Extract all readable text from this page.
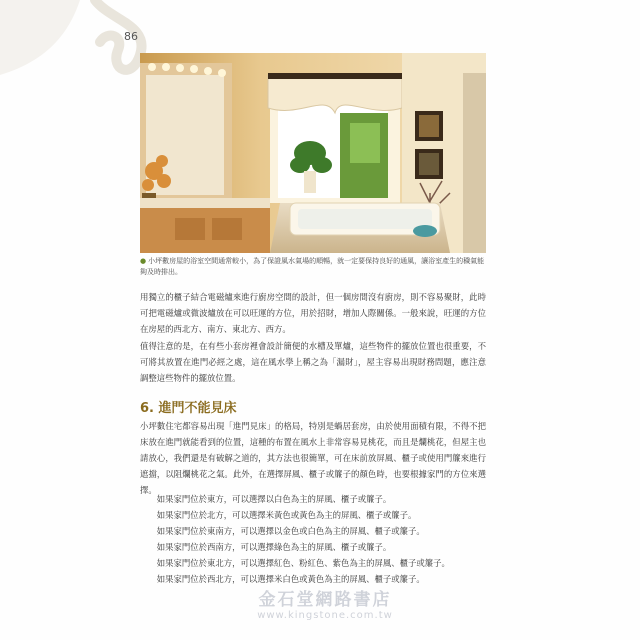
86
● 小坪數房屋的浴室空間通常較小，為了保證風水氣場的順暢，就一定要保持良好的通風，讓浴室產生的穢氣能夠及時排出。
用獨立的櫃子結合電磁爐來進行廚房空間的設計，但一個房間沒有廚房，則不容易聚財，此時可把電磁爐或微波爐放在可以旺運的方位，用於招財，增加人際關係。一般來說，旺運的方位在房屋的西北方、南方、東北方、西方。
值得注意的是，在有些小套房裡會設計簡便的水槽及單爐，這些物件的擺放位置也很重要，不可將其放置在進門必經之處，這在風水學上稱之為「漏財」，屋主容易出現財務問題，應注意調整這些物件的擺放位置。
6. 進門不能見床
小坪數住宅都容易出現「進門見床」的格局，特別是蝸居套房，由於使用面積有限，不得不把床放在進門就能看到的位置，這種的布置在風水上非常容易見桃花，而且是爛桃花，但屋主也請放心，我們還是有破解之道的，其方法也很簡單，可在床前放屏風、櫃子或使用門簾來進行遮擋，以阻爛桃花之氣。此外，在選擇屏風、櫃子或簾子的顏色時，也要根據家門的方位來選擇。
如果家門位於東方，可以選擇以白色為主的屏風、櫃子或簾子。
如果家門位於北方，可以選擇米黃色或黃色為主的屏風、櫃子或簾子。
如果家門位於東南方，可以選擇以金色或白色為主的屏風、櫃子或簾子。
如果家門位於西南方，可以選擇綠色為主的屏風、櫃子或簾子。
如果家門位於東北方，可以選擇紅色、粉紅色、紫色為主的屏風、櫃子或簾子。
如果家門位於西北方，可以選擇米白色或黃色為主的屏風、櫃子或簾子。
金石堂網路書店
www.kingstone.com.tw
